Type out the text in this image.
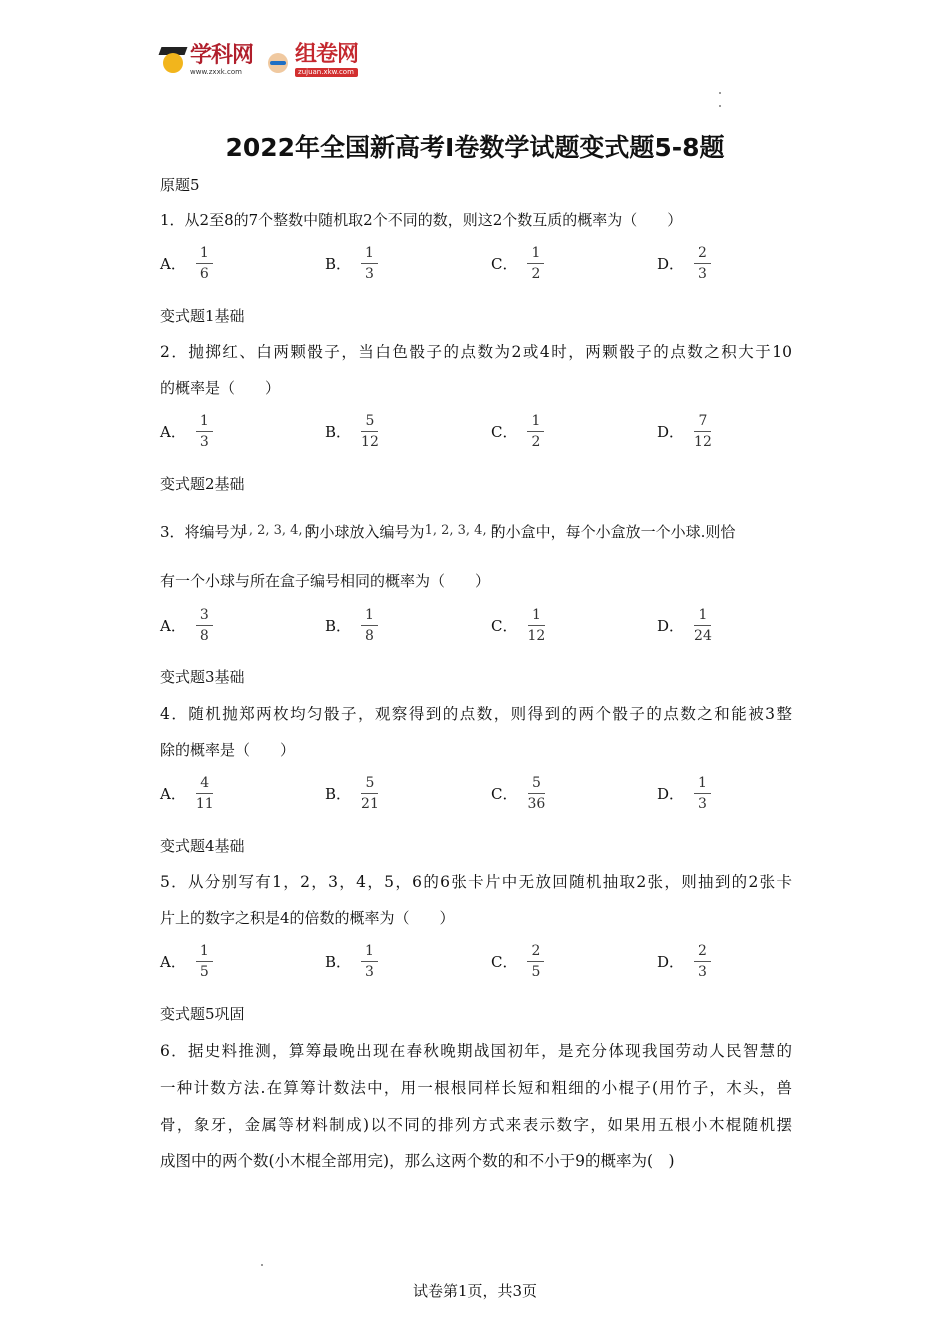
学科网
www.zxxk.com
组卷网
zujuan.xkw.com
2022年全国新高考Ⅰ卷数学试题变式题5-8题
原题5
1．从2至8的7个整数中随机取2个不同的数，则这2个数互质的概率为（　　）
A． $\frac{1}{6}$	B． $\frac{1}{3}$	C． $\frac{1}{2}$	D． $\frac{2}{3}$
变式题1基础
2．抛掷红、白两颗骰子，当白色骰子的点数为2或4时，两颗骰子的点数之积大于10
的概率是（　　）
A． $\frac{1}{3}$	B． $\frac{5}{12}$	C． $\frac{1}{2}$	D． $\frac{7}{12}$
变式题2基础
3．将编号为
1, 2, 3, 4, 5
的小球放入编号为 1, 2, 3, 4, 5
的小盒中，每个小盒放一个小球.则恰
有一个小球与所在盒子编号相同的概率为（　　）
A． $\frac{3}{8}$	B． $\frac{1}{8}$	C． $\frac{1}{12}$	D． $\frac{1}{24}$
变式题3基础
4．随机抛郑两枚均匀骰子，观察得到的点数，则得到的两个骰子的点数之和能被3整
除的概率是（　　）
A． $\frac{4}{11}$	B． $\frac{5}{21}$	C． $\frac{5}{36}$	D． $\frac{1}{3}$
变式题4基础
5．从分别写有1，2，3，4，5，6的6张卡片中无放回随机抽取2张，则抽到的2张卡
片上的数字之积是4的倍数的概率为（　　）
A． $\frac{1}{5}$	B． $\frac{1}{3}$	C． $\frac{2}{5}$	D． $\frac{2}{3}$
变式题5巩固
6．据史料推测，算筹最晚出现在春秋晚期战国初年，是充分体现我国劳动人民智慧的
一种计数方法.在算筹计数法中，用一根根同样长短和粗细的小棍子(用竹子，木头，兽
骨，象牙，金属等材料制成)以不同的排列方式来表示数字，如果用五根小木棍随机摆
成图中的两个数(小木棍全部用完)，那么这两个数的和不小于9的概率为(　)
试卷第1页，共3页
